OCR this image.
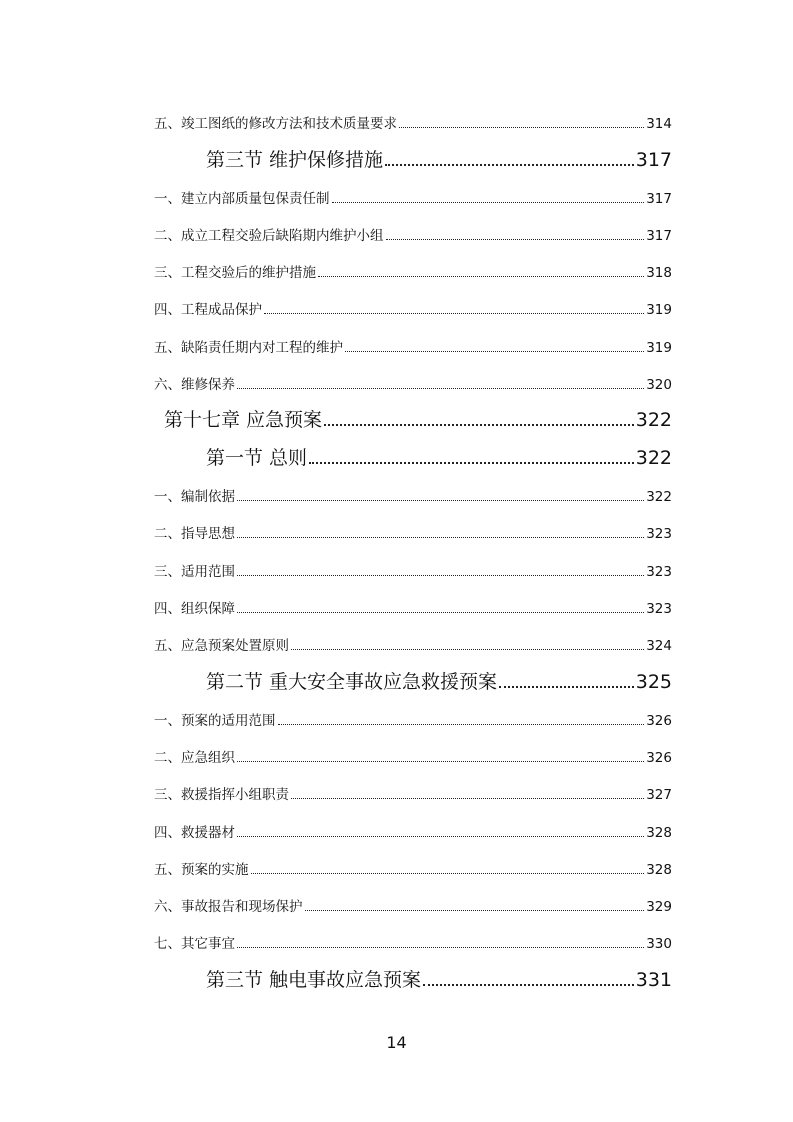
五、竣工图纸的修改方法和技术质量要求	314
第三节 维护保修措施	317
一、建立内部质量包保责任制	317
二、成立工程交验后缺陷期内维护小组	317
三、工程交验后的维护措施	318
四、工程成品保护	319
五、缺陷责任期内对工程的维护	319
六、维修保养	320
第十七章 应急预案	322
第一节 总则	322
一、编制依据	322
二、指导思想	323
三、适用范围	323
四、组织保障	323
五、应急预案处置原则	324
第二节 重大安全事故应急救援预案	325
一、预案的适用范围	326
二、应急组织	326
三、救援指挥小组职责	327
四、救援器材	328
五、预案的实施	328
六、事故报告和现场保护	329
七、其它事宜	330
第三节 触电事故应急预案	331
14
